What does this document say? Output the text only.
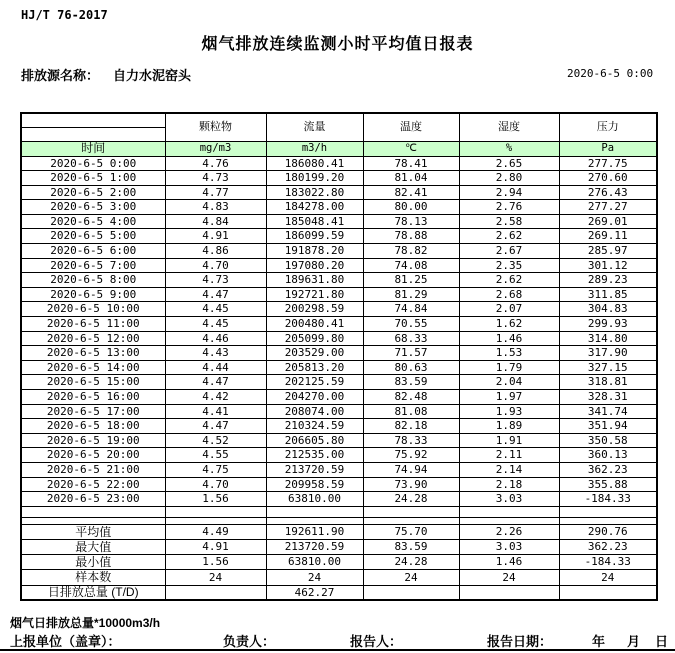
HJ/T 76-2017
烟气排放连续监测小时平均值日报表
排放源名称： 自力水泥窑头	2020-6-5 0:00
	颗粒物	流量	温度	湿度	压力

时间	mg/m3	m3/h	℃	%	Pa
2020-6-5 0:00	4.76	186080.41	78.41	2.65	277.75
2020-6-5 1:00	4.73	180199.20	81.04	2.80	270.60
2020-6-5 2:00	4.77	183022.80	82.41	2.94	276.43
2020-6-5 3:00	4.83	184278.00	80.00	2.76	277.27
2020-6-5 4:00	4.84	185048.41	78.13	2.58	269.01
2020-6-5 5:00	4.91	186099.59	78.88	2.62	269.11
2020-6-5 6:00	4.86	191878.20	78.82	2.67	285.97
2020-6-5 7:00	4.70	197080.20	74.08	2.35	301.12
2020-6-5 8:00	4.73	189631.80	81.25	2.62	289.23
2020-6-5 9:00	4.47	192721.80	81.29	2.68	311.85
2020-6-5 10:00	4.45	200298.59	74.84	2.07	304.83
2020-6-5 11:00	4.45	200480.41	70.55	1.62	299.93
2020-6-5 12:00	4.46	205099.80	68.33	1.46	314.80
2020-6-5 13:00	4.43	203529.00	71.57	1.53	317.90
2020-6-5 14:00	4.44	205813.20	80.63	1.79	327.15
2020-6-5 15:00	4.47	202125.59	83.59	2.04	318.81
2020-6-5 16:00	4.42	204270.00	82.48	1.97	328.31
2020-6-5 17:00	4.41	208074.00	81.08	1.93	341.74
2020-6-5 18:00	4.47	210324.59	82.18	1.89	351.94
2020-6-5 19:00	4.52	206605.80	78.33	1.91	350.58
2020-6-5 20:00	4.55	212535.00	75.92	2.11	360.13
2020-6-5 21:00	4.75	213720.59	74.94	2.14	362.23
2020-6-5 22:00	4.70	209958.59	73.90	2.18	355.88
2020-6-5 23:00	1.56	63810.00	24.28	3.03	-184.33

平均值	4.49	192611.90	75.70	2.26	290.76
最大值	4.91	213720.59	83.59	3.03	362.23
最小值	1.56	63810.00	24.28	1.46	-184.33
样本数	24	24	24	24	24
日排放总量 (T/D)		462.27			
烟气日排放总量*10000m3/h
上报单位（盖章）：	负责人：	报告人：	报告日期：	年 月 日
